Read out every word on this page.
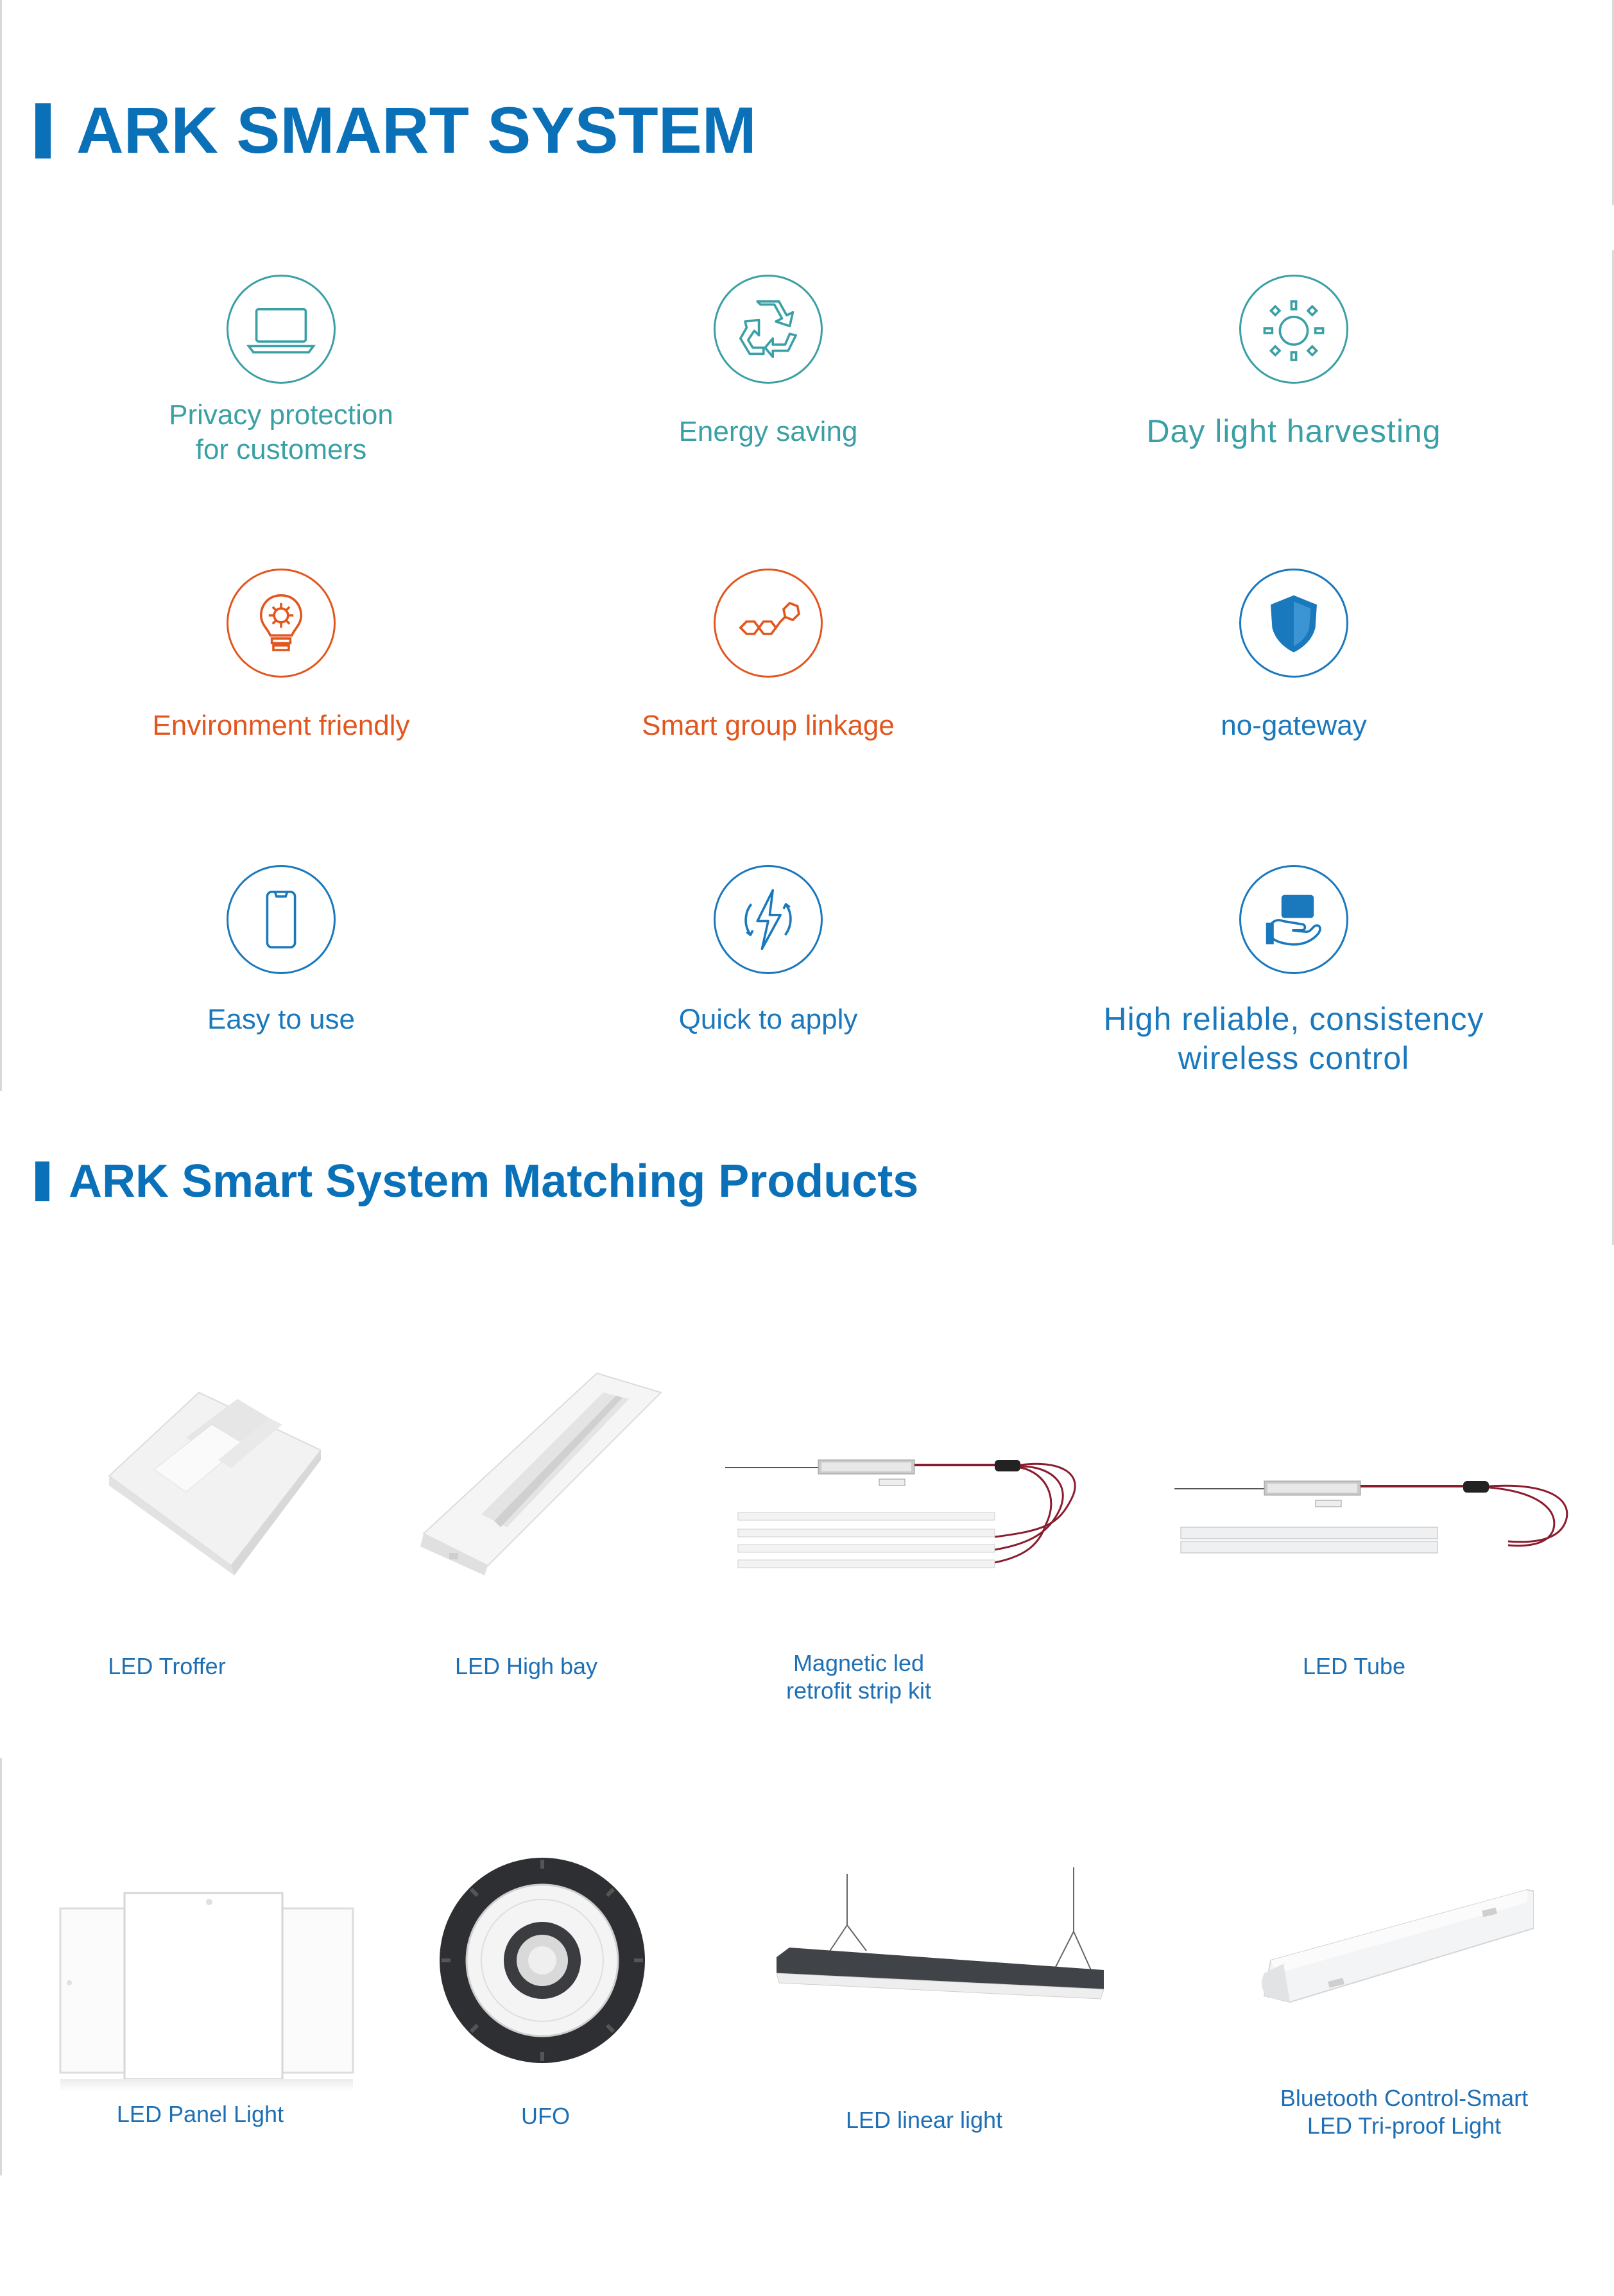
ARK SMART SYSTEM
Privacy protection
for customers
Energy saving	Day light harvesting
Environment friendly	Smart group linkage	no-gateway
Easy to use	Quick to apply	High reliable, consistency
wireless control
ARK Smart System Matching Products
LED Troffer	LED High bay	Magnetic led
retrofit strip kit
LED Tube
LED Panel Light	UFO	LED linear light
Bluetooth Control-Smart
LED Tri-proof Light
